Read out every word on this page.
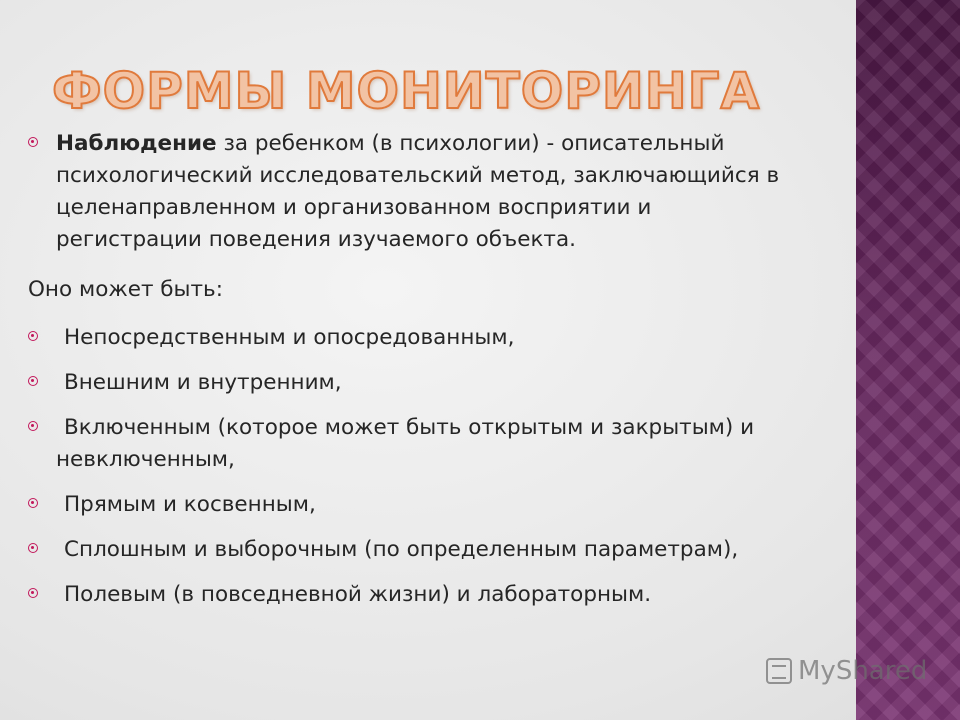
ФОРМЫ МОНИТОРИНГА
Наблюдение за ребенком (в психологии) - описательный
психологический исследовательский метод, заключающийся в
целенаправленном и организованном восприятии и
регистрации поведения изучаемого объекта.
Оно может быть:
Непосредственным и опосредованным,
Внешним и внутренним,
Включенным (которое может быть открытым и закрытым) и
невключенным,
Прямым и косвенным,
Сплошным и выборочным (по определенным параметрам),
Полевым (в повседневной жизни) и лабораторным.
MyShared
